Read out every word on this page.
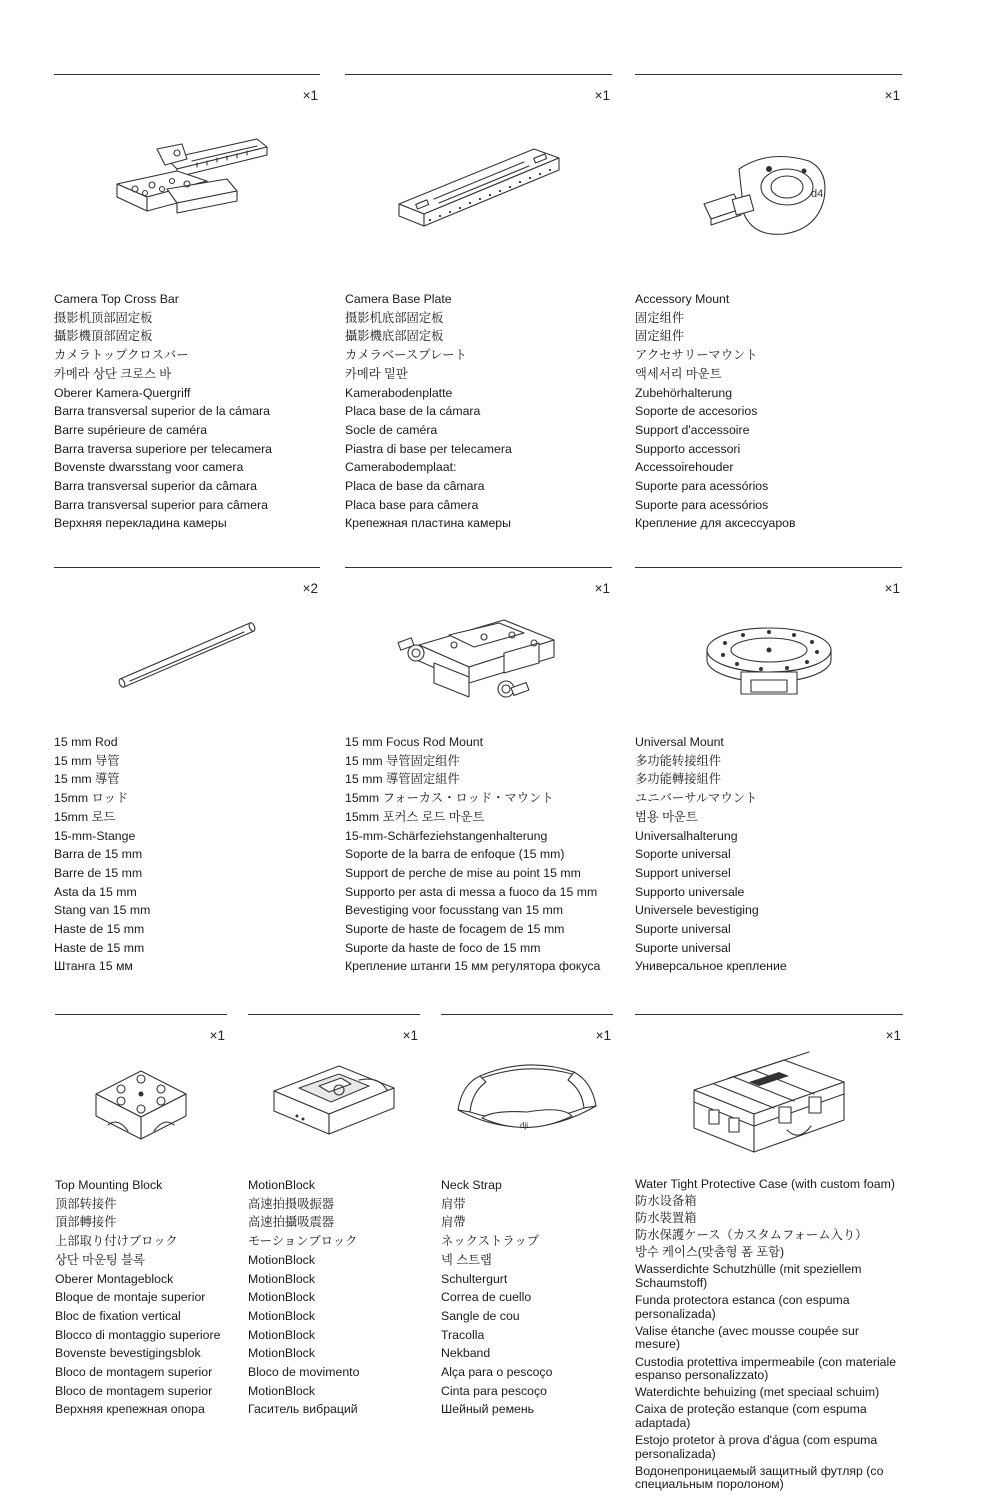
×1
Camera Top Cross Bar
摄影机顶部固定板
攝影機頂部固定板
カメラトップクロスバー
카메라 상단 크로스 바
Oberer Kamera-Quergriff
Barra transversal superior de la cámara
Barre supérieure de caméra
Barra traversa superiore per telecamera
Bovenste dwarsstang voor camera
Barra transversal superior da câmara
Barra transversal superior para câmera
Верхняя перекладина камеры
×1
Camera Base Plate
摄影机底部固定板
攝影機底部固定板
カメラベースプレート
카메라 밑판
Kamerabodenplatte
Placa base de la cámara
Socle de caméra
Piastra di base per telecamera
Camerabodemplaat:
Placa de base da câmara
Placa base para câmera
Крепежная пластина камеры
×1
d4
Accessory Mount
固定组件
固定組件
アクセサリーマウント
액세서리 마운트
Zubehörhalterung
Soporte de accesorios
Support d'accessoire
Supporto accessori
Accessoirehouder
Suporte para acessórios
Suporte para acessórios
Крепление для аксессуаров
×2
15 mm Rod
15 mm 导管
15 mm 導管
15mm ロッド
15mm 로드
15-mm-Stange
Barra de 15 mm
Barre de 15 mm
Asta da 15 mm
Stang van 15 mm
Haste de 15 mm
Haste de 15 mm
Штанга 15 мм
×1
15 mm Focus Rod Mount
15 mm 导管固定组件
15 mm 導管固定組件
15mm フォーカス・ロッド・マウント
15mm 포커스 로드 마운트
15-mm-Schärfeziehstangenhalterung
Soporte de la barra de enfoque (15 mm)
Support de perche de mise au point 15 mm
Supporto per asta di messa a fuoco da 15 mm
Bevestiging voor focusstang van 15 mm
Suporte de haste de focagem de 15 mm
Suporte da haste de foco de 15 mm
Крепление штанги 15 мм регулятора фокуса
×1
Universal Mount
多功能转接组件
多功能轉接組件
ユニバーサルマウント
범용 마운트
Universalhalterung
Soporte universal
Support universel
Supporto universale
Universele bevestiging
Suporte universal
Suporte universal
Универсальное крепление
×1
Top Mounting Block
顶部转接件
頂部轉接件
上部取り付けブロック
상단 마운팅 블록
Oberer Montageblock
Bloque de montaje superior
Bloc de fixation vertical
Blocco di montaggio superiore
Bovenste bevestigingsblok
Bloco de montagem superior
Bloco de montagem superior
Верхняя крепежная опора
×1
MotionBlock
高速拍摄吸振器
高速拍攝吸震器
モーションブロック
MotionBlock
MotionBlock
MotionBlock
MotionBlock
MotionBlock
MotionBlock
Bloco de movimento
MotionBlock
Гаситель вибраций
×1
dji
Neck Strap
肩带
肩帶
ネックストラップ
넥 스트랩
Schultergurt
Correa de cuello
Sangle de cou
Tracolla
Nekband
Alça para o pescoço
Cinta para pescoço
Шейный ремень
×1
Water Tight Protective Case (with custom foam)
防水设备箱
防水裝置箱
防水保護ケース（カスタムフォーム入り）
방수 케이스(맞춤형 폼 포함)
Wasserdichte Schutzhülle (mit speziellem Schaumstoff)
Funda protectora estanca (con espuma personalizada)
Valise étanche (avec mousse coupée sur mesure)
Custodia protettiva impermeabile (con materiale espanso personalizzato)
Waterdichte behuizing (met speciaal schuim)
Caixa de proteção estanque (com espuma adaptada)
Estojo protetor à prova d'água (com espuma personalizada)
Водонепроницаемый защитный футляр (со специальным поролоном)
